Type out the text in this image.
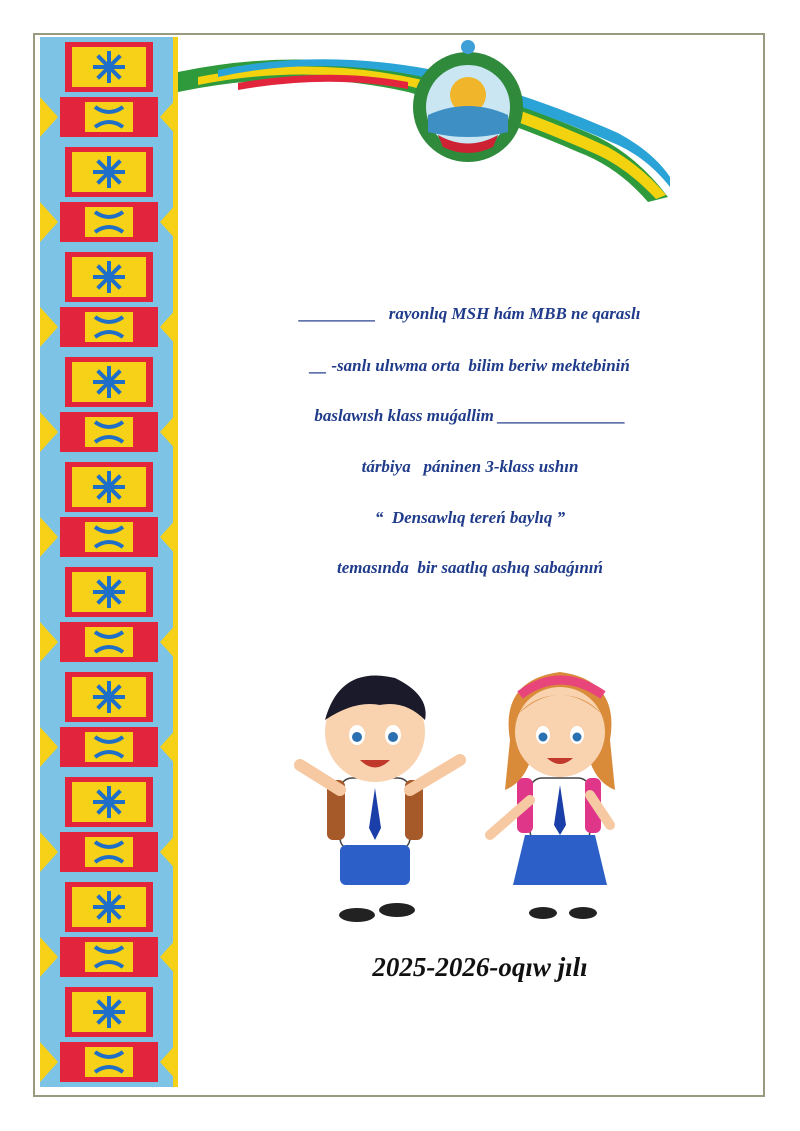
_________   rayonlıq MSH hám MBB ne qaraslı
__ -sanlı ulıwma orta  bilim beriw mektebiniń
baslawısh klass muǵallim _______________
tárbiya   páninen 3-klass ushın
“  Densawlıq tereń baylıq ”
temasında  bir saatlıq ashıq sabaǵınıń
2025-2026-oqıw jılı
